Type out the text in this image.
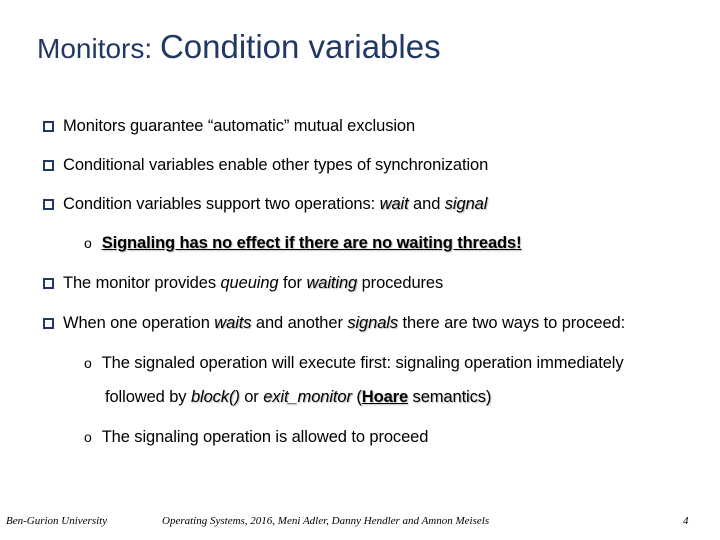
Monitors: Condition variables
Monitors guarantee “automatic” mutual exclusion
Conditional variables enable other types of synchronization
Condition variables support two operations: wait and signal
o Signaling has no effect if there are no waiting threads!
The monitor provides queuing for waiting procedures
When one operation waits and another signals there are two ways to proceed:
o The signaled operation will execute first: signaling operation immediately
followed by block() or exit_monitor (Hoare semantics)
o The signaling operation is allowed to proceed
Ben-Gurion University	Operating Systems, 2016, Meni Adler, Danny Hendler and Amnon Meisels	4
